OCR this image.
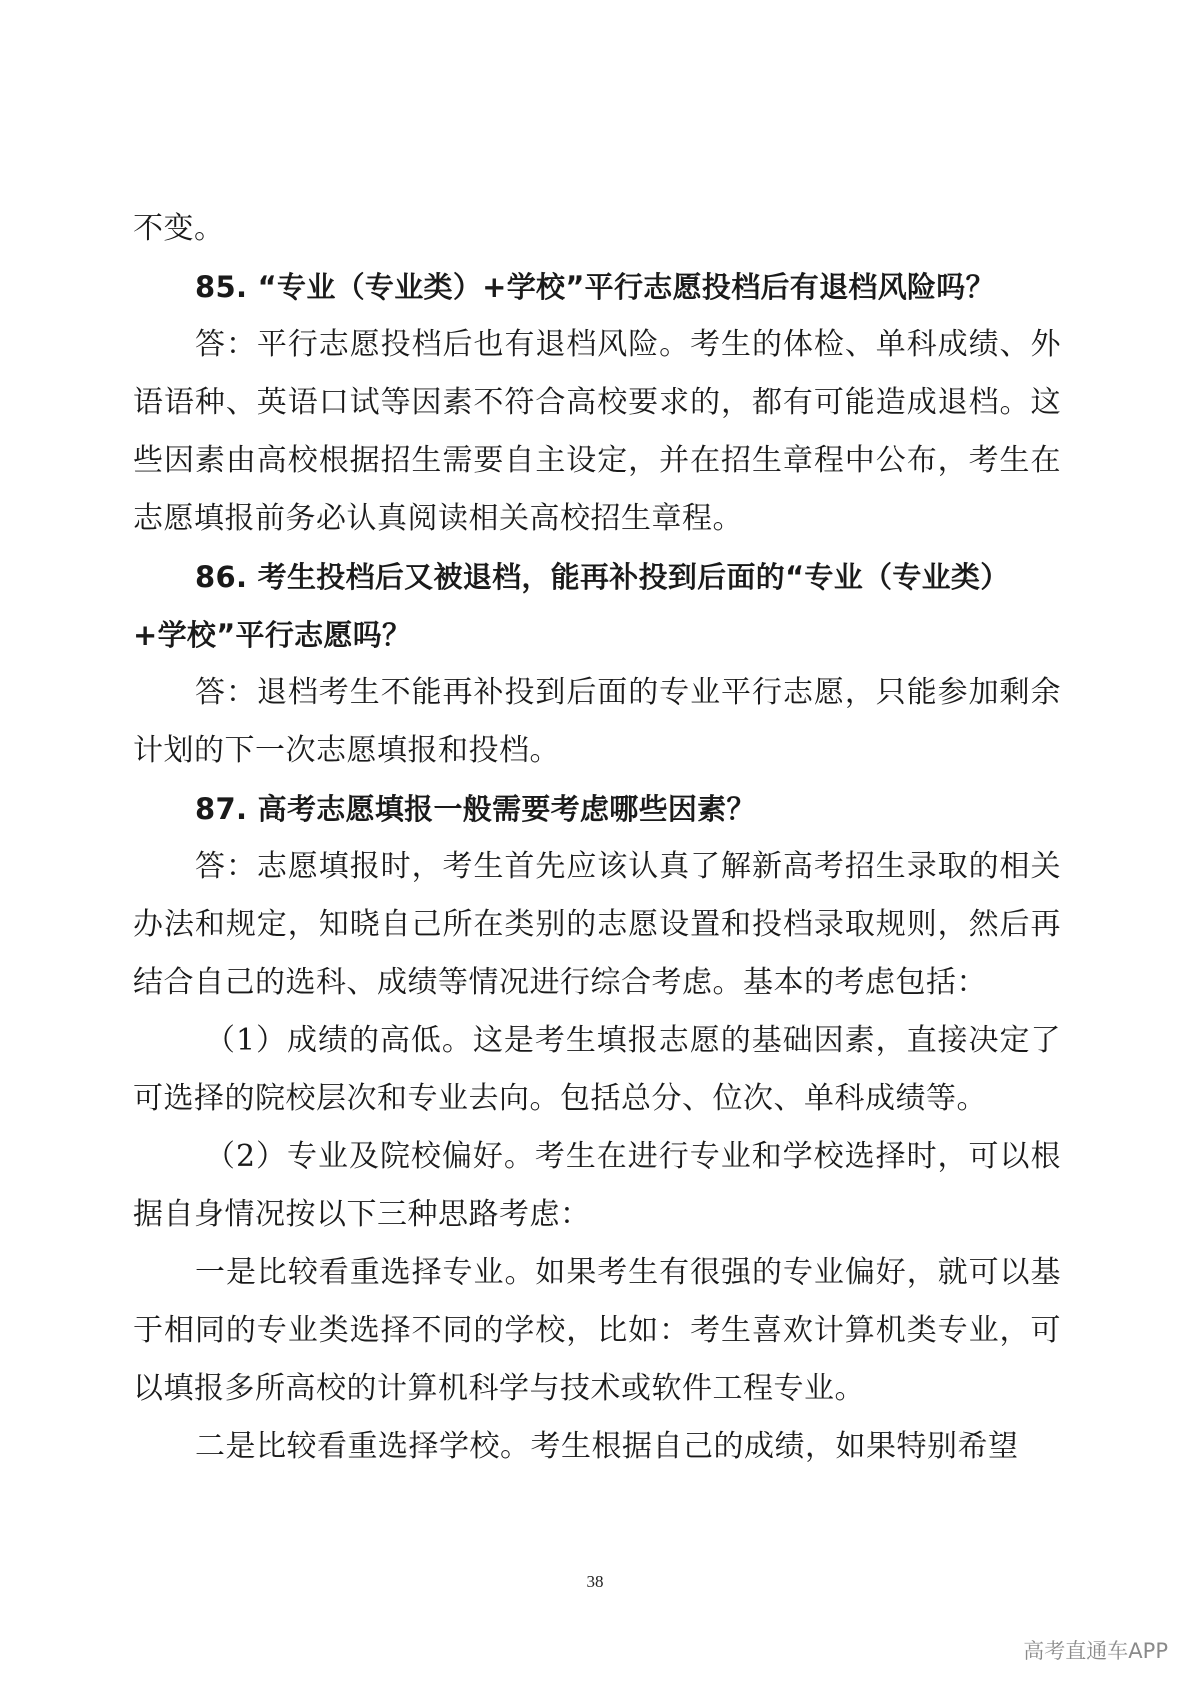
不变。

85. “专业（专业类）+学校”平行志愿投档后有退档风险吗？

答：平行志愿投档后也有退档风险。考生的体检、单科成绩、外语语种、英语口试等因素不符合高校要求的，都有可能造成退档。这些因素由高校根据招生需要自主设定，并在招生章程中公布，考生在志愿填报前务必认真阅读相关高校招生章程。

86. 考生投档后又被退档，能再补投到后面的“专业（专业类）+学校”平行志愿吗？

答：退档考生不能再补投到后面的专业平行志愿，只能参加剩余计划的下一次志愿填报和投档。

87. 高考志愿填报一般需要考虑哪些因素？

答：志愿填报时，考生首先应该认真了解新高考招生录取的相关办法和规定，知晓自己所在类别的志愿设置和投档录取规则，然后再结合自己的选科、成绩等情况进行综合考虑。基本的考虑包括：

（1）成绩的高低。这是考生填报志愿的基础因素，直接决定了可选择的院校层次和专业去向。包括总分、位次、单科成绩等。

（2）专业及院校偏好。考生在进行专业和学校选择时，可以根据自身情况按以下三种思路考虑：

一是比较看重选择专业。如果考生有很强的专业偏好，就可以基于相同的专业类选择不同的学校，比如：考生喜欢计算机类专业，可以填报多所高校的计算机科学与技术或软件工程专业。

二是比较看重选择学校。考生根据自己的成绩，如果特别希望

38
高考直通车APP
